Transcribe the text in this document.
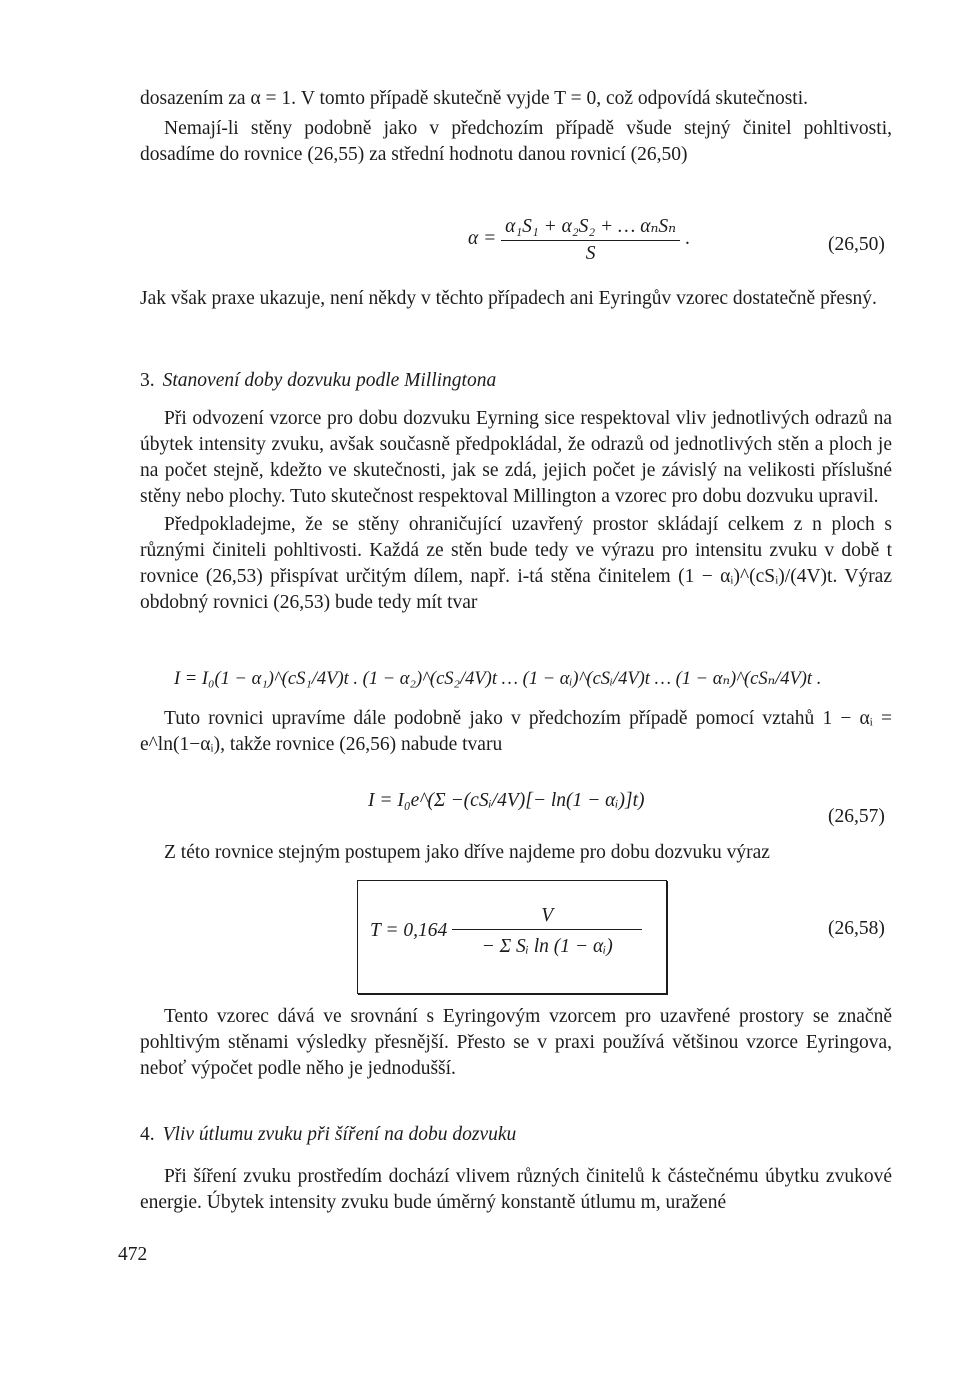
dosazením za α = 1. V tomto případě skutečně vyjde T = 0, což odpovídá skutečnosti.

Nemají-li stěny podobně jako v předchozím případě všude stejný činitel pohltivosti, dosadíme do rovnice (26,55) za střední hodnotu danou rovnicí (26,50)

$\alpha = \frac{\text{α₁S₁ + α₂S₂ + … αₙSₙ}}{S}$ .	(26,50)

Jak však praxe ukazuje, není někdy v těchto případech ani Eyringův vzorec dostatečně přesný.

3. Stanovení doby dozvuku podle Millingtona

Při odvození vzorce pro dobu dozvuku Eyrning sice respektoval vliv jednotlivých odrazů na úbytek intensity zvuku, avšak současně předpokládal, že odrazů od jednotlivých stěn a ploch je na počet stejně, kdežto ve skutečnosti, jak se zdá, jejich počet je závislý na velikosti příslušné stěny nebo plochy. Tuto skutečnost respektoval Millington a vzorec pro dobu dozvuku upravil.

Předpokladejme, že se stěny ohraničující uzavřený prostor skládají celkem z n ploch s různými činiteli pohltivosti. Každá ze stěn bude tedy ve výrazu pro intensitu zvuku v době t rovnice (26,53) přispívat určitým dílem, např. i-tá stěna činitelem (1 − αᵢ)^(cSᵢ)/(4V)t. Výraz obdobný rovnici (26,53) bude tedy mít tvar

I = I₀(1 − α₁)^(cS₁/4V)t . (1 − α₂)^(cS₂/4V)t … (1 − αᵢ)^(cSᵢ/4V)t … (1 − αₙ)^(cSₙ/4V)t .

Tuto rovnici upravíme dále podobně jako v předchozím případě pomocí vztahů 1 − αᵢ = e^ln(1−αᵢ), takže rovnice (26,56) nabude tvaru

I = I₀e^(Σ −(cSᵢ/4V)[− ln(1 − αᵢ)]t)
(26,57)

Z této rovnice stejným postupem jako dříve najdeme pro dobu dozvuku výraz

$T = 0,164 \frac{V}{\text{− Σ Sᵢ ln (1 − αᵢ)}}$	(26,58)

Tento vzorec dává ve srovnání s Eyringovým vzorcem pro uzavřené prostory se značně pohltivým stěnami výsledky přesnější. Přesto se v praxi používá většinou vzorce Eyringova, neboť výpočet podle něho je jednodušší.

4. Vliv útlumu zvuku při šíření na dobu dozvuku

Při šíření zvuku prostředím dochází vlivem různých činitelů k částečnému úbytku zvukové energie. Úbytek intensity zvuku bude úměrný konstantě útlumu m, uražené

472
